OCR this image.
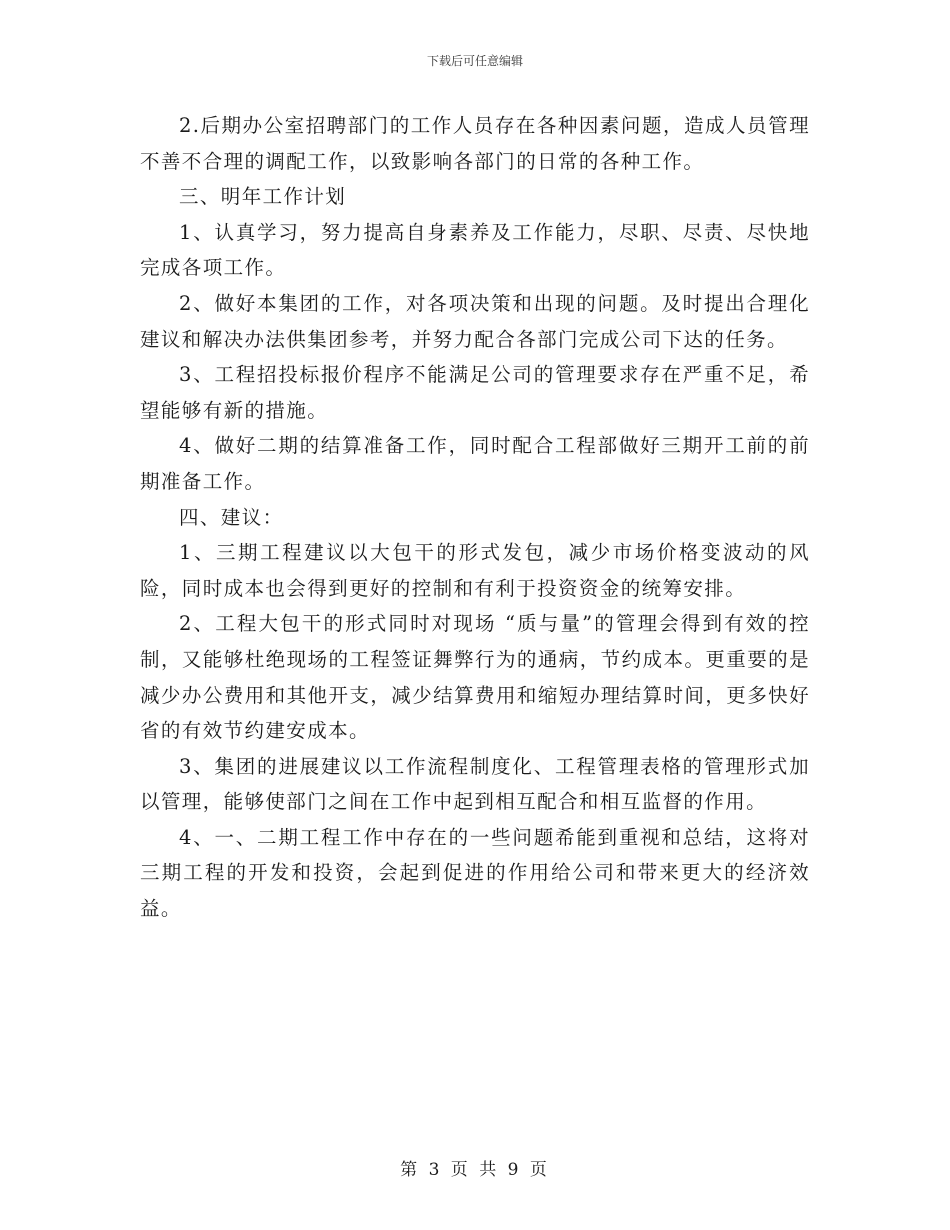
下载后可任意编辑

2.后期办公室招聘部门的工作人员存在各种因素问题，造成人员管理不善不合理的调配工作，以致影响各部门的日常的各种工作。

三、明年工作计划

1、认真学习，努力提高自身素养及工作能力，尽职、尽责、尽快地完成各项工作。

2、做好本集团的工作，对各项决策和出现的问题。及时提出合理化建议和解决办法供集团参考，并努力配合各部门完成公司下达的任务。

3、工程招投标报价程序不能满足公司的管理要求存在严重不足，希望能够有新的措施。

4、做好二期的结算准备工作，同时配合工程部做好三期开工前的前期准备工作。

四、建议：

1、三期工程建议以大包干的形式发包，减少市场价格变波动的风险，同时成本也会得到更好的控制和有利于投资资金的统筹安排。

2、工程大包干的形式同时对现场 “质与量”的管理会得到有效的控制，又能够杜绝现场的工程签证舞弊行为的通病，节约成本。更重要的是减少办公费用和其他开支，减少结算费用和缩短办理结算时间，更多快好省的有效节约建安成本。

3、集团的进展建议以工作流程制度化、工程管理表格的管理形式加以管理，能够使部门之间在工作中起到相互配合和相互监督的作用。

4、一、二期工程工作中存在的一些问题希能到重视和总结，这将对三期工程的开发和投资，会起到促进的作用给公司和带来更大的经济效益。

第 3 页 共 9 页
